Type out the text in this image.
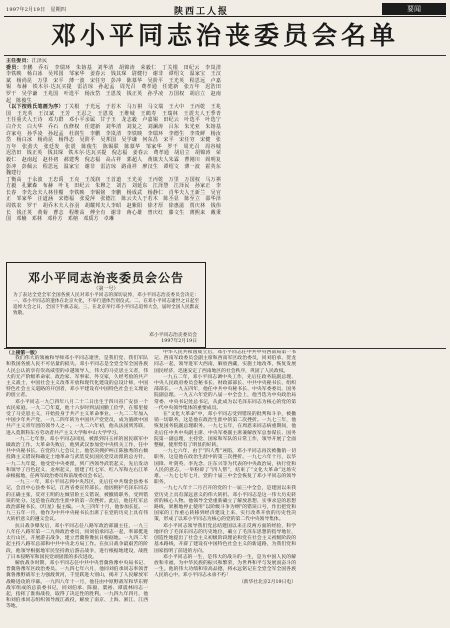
1997年2月19日　星期四	陕西工人报	要闻
邓小平同志治丧委员会名单

主任委员：江泽民

委员：李鹏　乔石　李瑞环　朱镕基　刘华清　胡锦涛　荣毅仁　丁关根　田纪云　李岚清　李铁映　杨白冰　吴邦国　邹家华　姜春云　钱其琛　尉健行　谢非　谭绍文　温家宝　王汉斌　杨尚昆　万里　宋平　薄一波　宋任穷　彭冲　陈慕华　吴阶平　王光英　程思远　卢嘉锡　布赫　铁木尔·达瓦买提　雷洁琼　孙起孟　周光召　费孝通　任建新　张万年　迟浩田　罗干　吴学谦　王兆国　叶选平　杨汝岱　王恩茂　钱正英　孙孚凌　万国权　胡启立　赵南起　陈俊生

（以下按姓氏笔画为序）丁关根　于光远　于若木　马万祺　马文瑞　王大中　王丙乾　王兆国　王光英　王汉斌　王芳　王忍之　王恩茂　王维城　王鹤寿　王瑞林　王震夫人王季青　王任重夫人王诗　邓力群　邓小平亲属　甘子玉　龙志毅　卢嘉锡　田纪云　叶选平　叶选宁　白介夫　白大华　乔石　伍修权　任建新　刘华清　刘复之　刘澜涛　吕东　朱光亚　朱镕基　许家屯　孙孚凌　孙起孟　杜润生　李鹏　李岚清　李铁映　李瑞环　李德生　李贵鲜　杨汝岱　杨白冰　杨尚昆　杨得志　吴阶平　吴邦国　吴学谦　何东昌　宋平　宋任穷　宋健　张万年　张劲夫　张廷发　张震　陈俊生　陈锡联　陈慕华　邹家华　罗干　周光召　周谷城　迟浩田　钱正英　钱其琛　铁木尔·达瓦买提　倪志福　姜春云　费孝通　胡启立　胡锦涛　荣毅仁　赵南起　赵朴初　郝建秀　倪志福　高占祥　郭超人　黄镇夫人朱霖　曹刚川　阎明复　彭冲　彭佩云　程思远　温家宝　谢非　雷洁琼　路甬祥　廖汉生　谭绍文　薄一波　霍英东　魏建行

丁衡高　于永波　王忠禹　王克　王茂润　王首道　王光美　王丙乾　万里　万国权　马万祺　方毅　孔繁森　布赫　叶飞　田纪云　朱穆之　刘吉　刘延东　江泽慧　江泽民　孙家正　李长春　李先念夫人林佳楣　李铁映　李锡铭　李鹏　杨成武　杨静仁　肖华夫人王新兰　吴官正　邹家华　汪道涵　宋德福　张爱萍　张德江　陈云夫人于若木　陈丕显　陈至立　邵华泽　周铁农　罗干　胡乔木夫人谷羽　胡耀邦夫人李昭　赵紫阳　徐才厚　徐惠滋　贾庆林　钱伟长　钱正英　黄菊　曹志　程维高　傅全有　谢非　蒋心雄　曾庆红　滕文生　薄熙来　戴秉国　邓楠　邓林　邓朴方　邓榕　邓质方　卓琳

邓小平同志治丧委员会公告
（第一号）
为了表达全党全军全国各族人民对邓小平同志的深切哀悼，邓小平同志治丧委员会决定：一、邓小平同志的遗体在北京火化，不举行遗体告别仪式。二、在邓小平同志逝世之日起至追悼大会之日，全国下半旗志哀。三、在北京举行邓小平同志追悼大会，届时全国人民默哀致敬。
邓小平同志治丧委员会
1997年2月19日

（上接第一版）

我们伟大的领袖和导师邓小平同志逝世，是我们党、我们军队和我国各族人民不可估量的损失。邓小平同志是全党全军全国各族人民公认的享有崇高威望的卓越领导人，伟大的马克思主义者，伟大的无产阶级革命家、政治家、军事家、外交家，久经考验的共产主义战士，中国社会主义改革开放和现代化建设的总设计师，中国特色社会主义道路的开创者，邓小平建设有中国特色社会主义理论的创立者。

邓小平同志一九〇四年八月二十二日出生于四川省广安县一个农民家庭。一九二〇年夏，他十六岁时到法国勤工俭学，在那里接受了马克思主义，开始投身于共产主义革命事业。一九二二年加入中国少年共产党，一九二四年转为中国共产党党员，成为旅欧中国共产主义青年团的领导人之一。一九二六年初，他从法国到苏联，进入莫斯科东方劳动者共产主义大学和中山大学学习。

一九二七年春，邓小平同志回国，被派到冯玉祥的国民联军中做政治工作。大革命失败后，他到武汉参加党中央机关工作，任中共中央秘书长。在党的八七会议上，他坚决拥护纠正陈独秀的右倾投降主义错误和确定土地革命与武装反抗国民党反动派的总方针。一九二九年夏，他受党中央委派，到广西领导武装起义，先后发动和领导了百色起义、龙州起义，创建了红七军、红八军和左右江革命根据地，任两军政治委员和前敌委员会书记。

一九三一年，邓小平同志到中央苏区，先后任中共瑞金县委书记，会昌中心县委书记，江西省委宣传部长。他因拥护毛泽东同志的正确主张，反对王明的左倾冒险主义错误，被撤销职务，受到错误的处分。这是他在政治生涯中的第一次挫折。此后，他任红军总政治部秘书长、《红星》报主编。一九三四年十月，他参加长征。一九三五年一月，他作为中共中央秘书长出席了在党的历史上具有伟大转折意义的遵义会议。

抗日战争爆发后，邓小平同志任八路军政治部副主任，一九三八年任八路军第一二九师政治委员，同刘伯承同志一起，率部挺进太行山区，开展游击战争，建立晋冀鲁豫抗日根据地。一九四二年起主持八路军总部和中共中央北方局工作。在抗日战争最艰苦的阶段，他领导根据地军民坚持敌后游击战争，进行根据地建设，战胜了日本侵略军和国民党顽固派的多次进攻。

解放战争时期，邓小平同志任中共中央晋冀鲁豫中央局书记、晋冀鲁豫军区政治委员。一九四七年六月，他同刘伯承同志率领晋冀鲁豫野战军主力强渡黄河，千里跃进大别山，揭开了人民解放军战略进攻的序幕。一九四八年十一月，他任由中原野战军和华东野战军组成的总前委书记，同刘伯承、陈毅、粟裕、谭震林同志一起，指挥了淮海战役，取得了决定性的胜利。一九四九年四月，他和刘伯承同志组织领导渡江战役，解放了南京、上海、浙江、江西等地。

中华人民共和国成立后，邓小平同志任中共中央西南局第一书记、西南军政委员会副主席和西南军区政治委员，同刘伯承、贺龙同志一起，领导进军大西南，解放西藏，实施土地改革，恢复发展国民经济，迅速安定了西南地区的社会秩序，巩固了人民政权。

一九五二年，邓小平同志调中央工作，先后任政务院副总理、中央人民政府委员会秘书长、财政部部长、中共中央秘书长、组织部部长。一九五四年，他任中共中央秘书长、中央军委委员、国务院副总理。一九五六年党的八届一中全会上，他当选为中央政治局常委、中央书记处总书记，从此成为以毛泽东同志为核心的党的第一代中央领导集体的重要成员。

在“文化大革命”中，邓小平同志受到错误的批判和斗争，被撤销一切职务，这是他在政治生涯中的第二次挫折。一九七三年，他恢复国务院副总理职务。一九七五年，在周恩来同志病重期间，他先后任中共中央副主席、中央军委副主席兼解放军总参谋长、国务院第一副总理，主持党、国家和军队的日常工作，领导开展了全面整顿，使形势有了明显的好转。

一九七六年，由于“四人帮”诬陷，邓小平同志再次被撤销一切职务，这是他在政治生涯中的第三次挫折。一九七六年十月，以华国锋、叶剑英、李先念、汪东兴等为代表的中央政治局，执行党和人民的意志，一举粉碎了“四人帮”，结束了“文化大革命”这场灾难。一九七七年七月，党的十届三中全会恢复了邓小平同志的领导职务。

一九七八年十二月召开的党的十一届三中全会，是建国以来我党历史上具有深远意义的伟大转折。邓小平同志是这一伟大历史转折的核心人物。他领导全党重新确立了解放思想、实事求是的思想路线，果断地停止使用“以阶级斗争为纲”的错误口号，作出把党和国家的工作重心转移到经济建设上来、实行改革开放的历史性决策，形成了以邓小平同志为核心的党的第二代中央领导集体。

邓小平同志领导我们党总结建国以来正反两方面的经验，科学地评价了毛泽东同志的历史地位，确立了毛泽东思想的指导地位，创造性地提出了社会主义初级阶段理论和党在社会主义初级阶段的基本路线，开辟了建设有中国特色社会主义的新道路，为我们党和国家指明了前进的方向。

邓小平同志的一生，是伟大的战斗的一生，是为中国人民的解放和幸福，为中华民族的振兴和繁荣，为世界和平与发展而奋斗的一生。他的伟大功绩和崇高品德，将永远铭记在全党全军全国各族人民的心中。邓小平同志永垂不朽！

（新华社北京2月19日电）
